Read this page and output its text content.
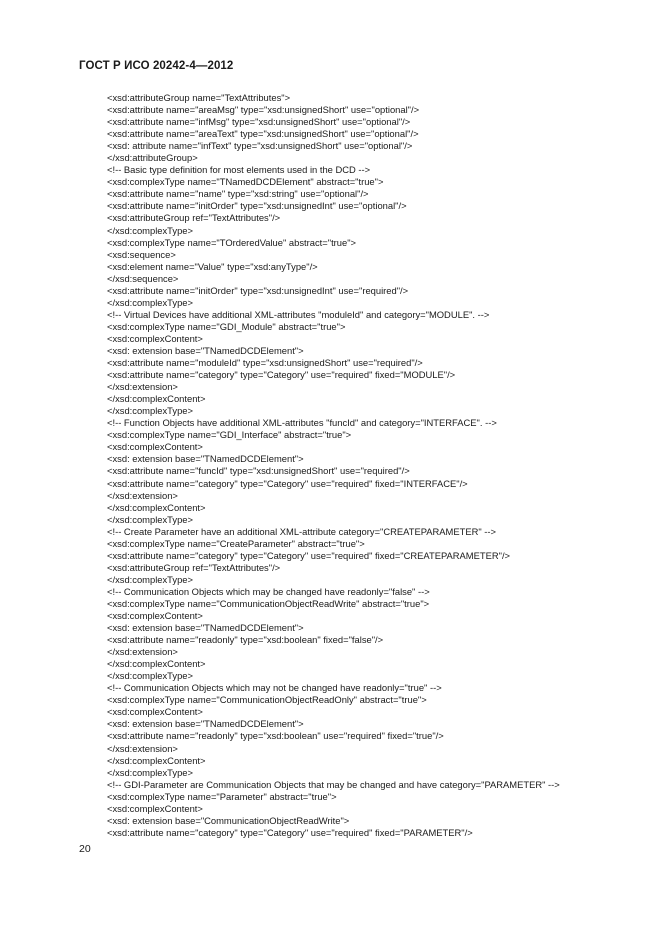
ГОСТ Р ИСО 20242-4—2012
<xsd:attributeGroup name="TextAttributes">
<xsd:attribute name="areaMsg" type="xsd:unsignedShort" use="optional"/>
<xsd:attribute name="infMsg" type="xsd:unsignedShort" use="optional"/>
<xsd:attribute name="areaText" type="xsd:unsignedShort" use="optional"/>
<xsd: attribute name="infText" type="xsd:unsignedShort" use="optional"/>
</xsd:attributeGroup>
<!-- Basic type definition for most elements used in the DCD -->
<xsd:complexType name="TNamedDCDElement" abstract="true">
<xsd:attribute name="name" type="xsd:string" use="optional"/>
<xsd:attribute name="initOrder" type="xsd:unsignedInt" use="optional"/>
<xsd:attributeGroup ref="TextAttributes"/>
</xsd:complexType>
<xsd:complexType name="TOrderedValue" abstract="true">
<xsd:sequence>
<xsd:element name="Value" type="xsd:anyType"/>
</xsd:sequence>
<xsd:attribute name="initOrder" type="xsd:unsignedInt" use="required"/>
</xsd:complexType>
<!-- Virtual Devices have additional XML-attributes "moduleId" and category="MODULE". -->
<xsd:complexType name="GDI_Module" abstract="true">
<xsd:complexContent>
<xsd: extension base="TNamedDCDElement">
<xsd:attribute name="moduleId" type="xsd:unsignedShort" use="required"/>
<xsd:attribute name="category" type="Category" use="required" fixed="MODULE"/>
</xsd:extension>
</xsd:complexContent>
</xsd:complexType>
<!-- Function Objects have additional XML-attributes "funcId" and category="INTERFACE". -->
<xsd:complexType name="GDI_Interface" abstract="true">
<xsd:complexContent>
<xsd: extension base="TNamedDCDElement">
<xsd:attribute name="funcId" type="xsd:unsignedShort" use="required"/>
<xsd:attribute name="category" type="Category" use="required" fixed="INTERFACE"/>
</xsd:extension>
</xsd:complexContent>
</xsd:complexType>
<!-- Create Parameter have an additional XML-attribute category="CREATEPARAMETER" -->
<xsd:complexType name="CreateParameter" abstract="true">
<xsd:attribute name="category" type="Category" use="required" fixed="CREATEPARAMETER"/>
<xsd:attributeGroup ref="TextAttributes"/>
</xsd:complexType>
<!-- Communication Objects which may be changed have readonly="false" -->
<xsd:complexType name="CommunicationObjectReadWrite" abstract="true">
<xsd:complexContent>
<xsd: extension base="TNamedDCDElement">
<xsd:attribute name="readonly" type="xsd:boolean" fixed="false"/>
</xsd:extension>
</xsd:complexContent>
</xsd:complexType>
<!-- Communication Objects which may not be changed have readonly="true" -->
<xsd:complexType name="CommunicationObjectReadOnly" abstract="true">
<xsd:complexContent>
<xsd: extension base="TNamedDCDElement">
<xsd:attribute name="readonly" type="xsd:boolean" use="required" fixed="true"/>
</xsd:extension>
</xsd:complexContent>
</xsd:complexType>
<!-- GDI-Parameter are Communication Objects that may be changed and have category="PARAMETER" -->
<xsd:complexType name="Parameter" abstract="true">
<xsd:complexContent>
<xsd: extension base="CommunicationObjectReadWrite">
<xsd:attribute name="category" type="Category" use="required" fixed="PARAMETER"/>
20
